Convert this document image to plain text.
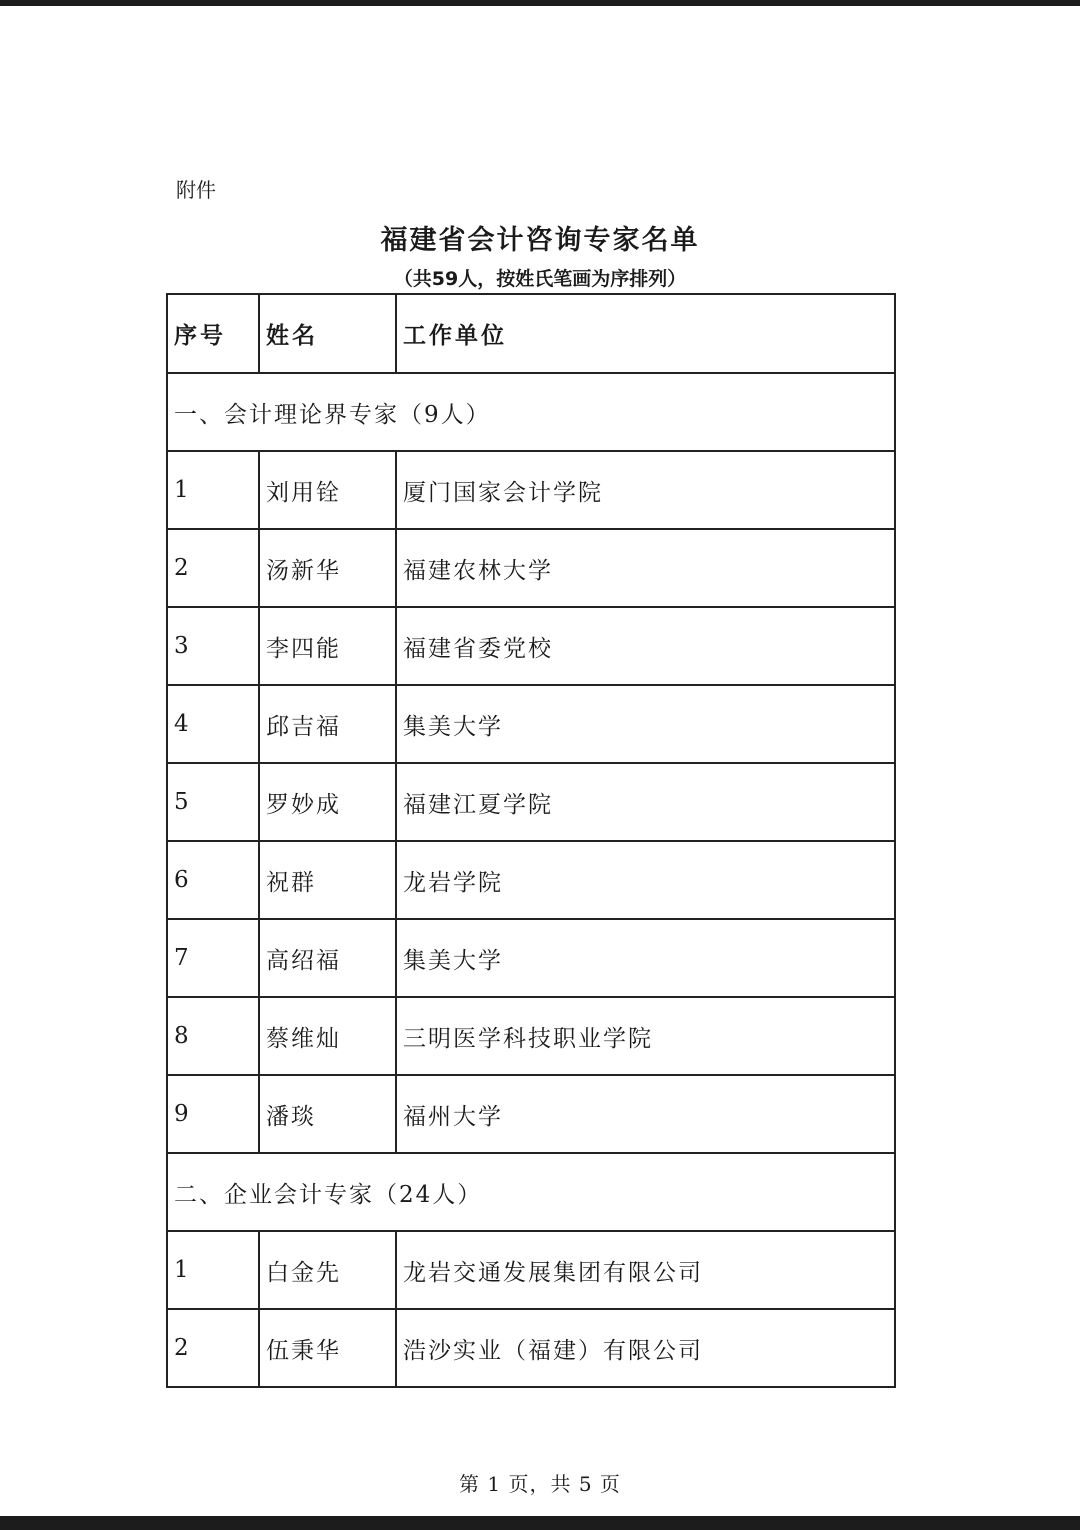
附件
福建省会计咨询专家名单
（共59人，按姓氏笔画为序排列）
序号	姓名	工作单位
一、会计理论界专家（9人）		
1	刘用铨	厦门国家会计学院
2	汤新华	福建农林大学
3	李四能	福建省委党校
4	邱吉福	集美大学
5	罗妙成	福建江夏学院
6	祝群	龙岩学院
7	高绍福	集美大学
8	蔡维灿	三明医学科技职业学院
9	潘琰	福州大学
二、企业会计专家（24人）		
1	白金先	龙岩交通发展集团有限公司
2	伍秉华	浩沙实业（福建）有限公司
第 1 页，共 5 页
